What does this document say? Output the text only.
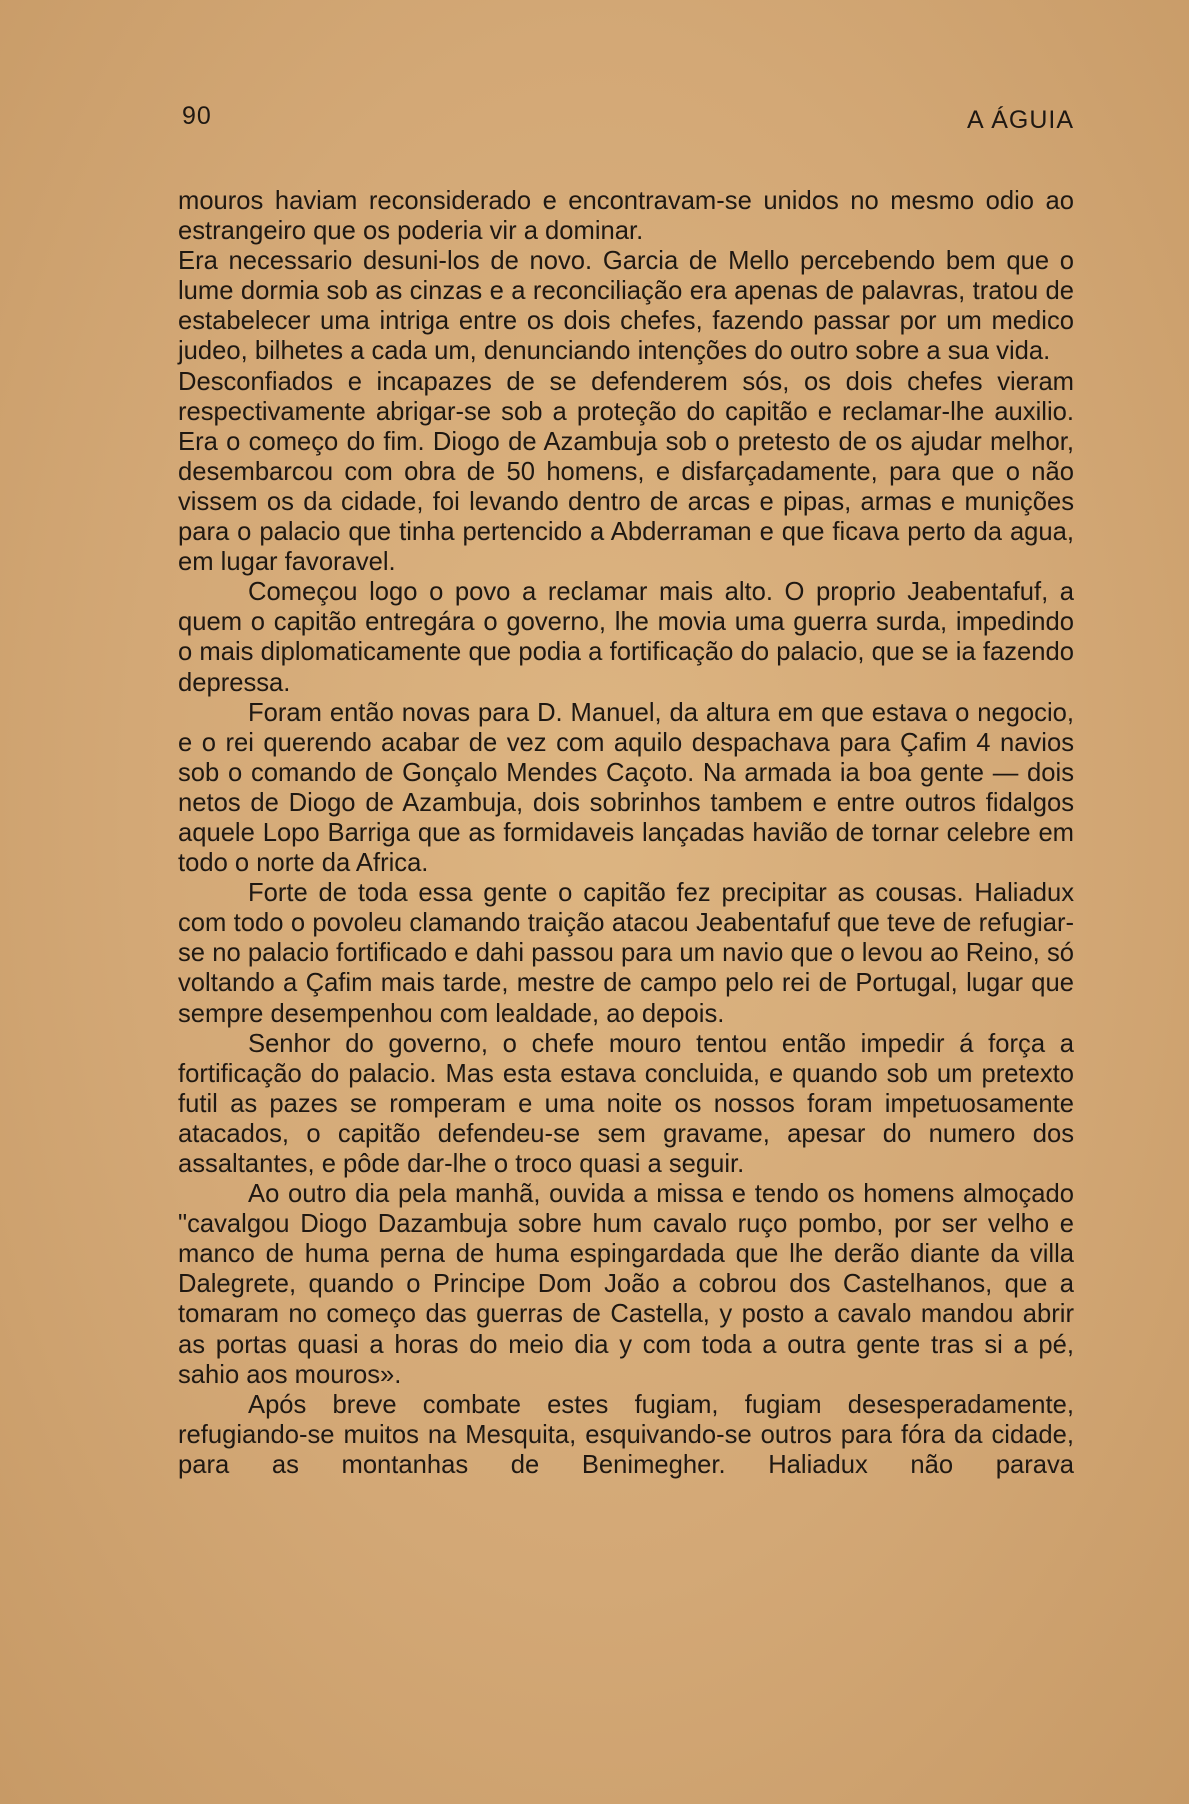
90	A ÁGUIA

mouros haviam reconsiderado e encontravam-se unidos no mesmo odio ao estrangeiro que os poderia vir a dominar.

Era necessario desuni-los de novo. Garcia de Mello percebendo bem que o lume dormia sob as cinzas e a reconciliação era apenas de palavras, tratou de estabelecer uma intriga entre os dois chefes, fazendo passar por um medico judeo, bilhetes a cada um, denunciando intenções do outro sobre a sua vida.

Desconfiados e incapazes de se defenderem sós, os dois chefes vieram respectivamente abrigar-se sob a proteção do capitão e reclamar-lhe auxilio. Era o começo do fim. Diogo de Azambuja sob o pretesto de os ajudar melhor, desembarcou com obra de 50 homens, e disfarçadamente, para que o não vissem os da cidade, foi levando dentro de arcas e pipas, armas e munições para o palacio que tinha pertencido a Abderraman e que ficava perto da agua, em lugar favoravel.

Começou logo o povo a reclamar mais alto. O proprio Jeabentafuf, a quem o capitão entregára o governo, lhe movia uma guerra surda, impedindo o mais diplomaticamente que podia a fortificação do palacio, que se ia fazendo depressa.

Foram então novas para D. Manuel, da altura em que estava o negocio, e o rei querendo acabar de vez com aquilo despachava para Çafim 4 navios sob o comando de Gonçalo Mendes Caçoto. Na armada ia boa gente — dois netos de Diogo de Azambuja, dois sobrinhos tambem e entre outros fidalgos aquele Lopo Barriga que as formidaveis lançadas havião de tornar celebre em todo o norte da Africa.

Forte de toda essa gente o capitão fez precipitar as cousas. Haliadux com todo o povoleu clamando traição atacou Jeabentafuf que teve de refugiar-se no palacio fortificado e dahi passou para um navio que o levou ao Reino, só voltando a Çafim mais tarde, mestre de campo pelo rei de Portugal, lugar que sempre desempenhou com lealdade, ao depois.

Senhor do governo, o chefe mouro tentou então impedir á força a fortificação do palacio. Mas esta estava concluida, e quando sob um pretexto futil as pazes se romperam e uma noite os nossos foram impetuosamente atacados, o capitão defendeu-se sem gravame, apesar do numero dos assaltantes, e pôde dar-lhe o troco quasi a seguir.

Ao outro dia pela manhã, ouvida a missa e tendo os homens almoçado "cavalgou Diogo Dazambuja sobre hum cavalo ruço pombo, por ser velho e manco de huma perna de huma espingardada que lhe derão diante da villa Dalegrete, quando o Principe Dom João a cobrou dos Castelhanos, que a tomaram no começo das guerras de Castella, y posto a cavalo mandou abrir as portas quasi a horas do meio dia y com toda a outra gente tras si a pé, sahio aos mouros».

Após breve combate estes fugiam, fugiam desesperadamente, refugiando-se muitos na Mesquita, esquivando-se outros para fóra da cidade, para as montanhas de Benimegher. Haliadux não parava
